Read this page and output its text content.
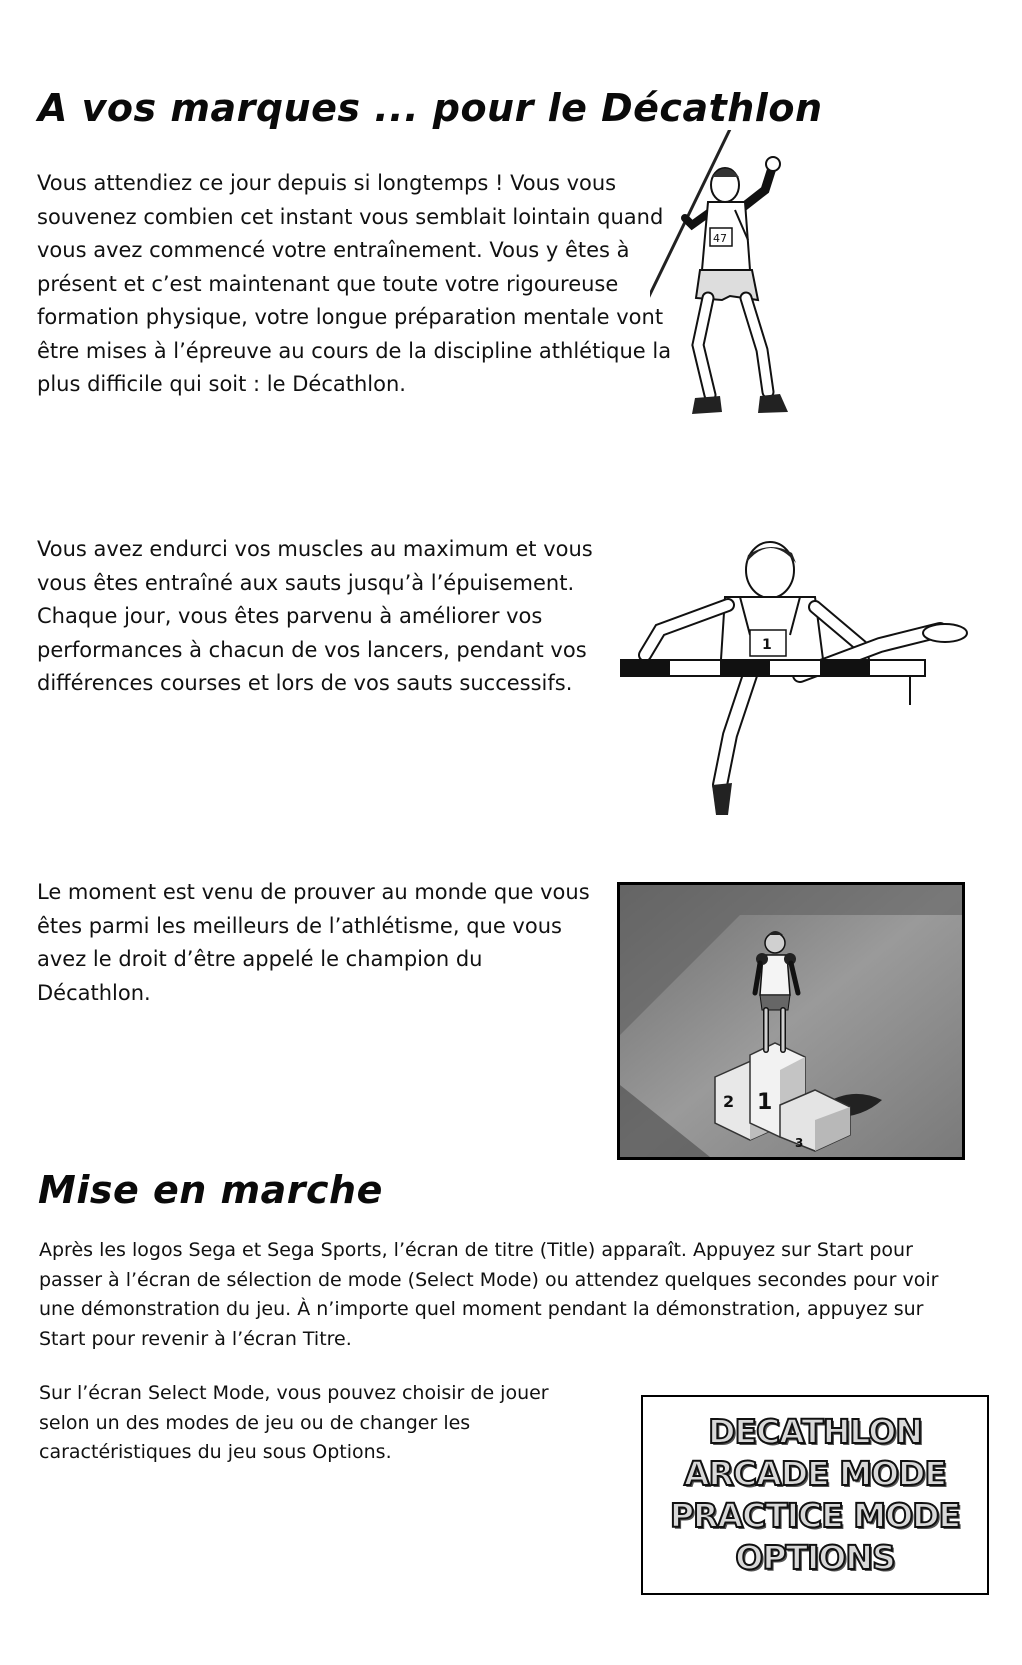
A vos marques ... pour le Décathlon

Vous attendiez ce jour depuis si longtemps ! Vous vous souvenez combien cet instant vous semblait lointain quand vous avez commencé votre entraînement. Vous y êtes à présent et c’est maintenant que toute votre rigoureuse formation physique, votre longue préparation mentale vont être mises à l’épreuve au cours de la discipline athlétique la plus difficile qui soit : le Décathlon.

47

Vous avez endurci vos muscles au maximum et vous vous êtes entraîné aux sauts jusqu’à l’épuisement. Chaque jour, vous êtes parvenu à améliorer vos performances à chacun de vos lancers, pendant vos différences courses et lors de vos sauts successifs.

1

Le moment est venu de prouver au monde que vous êtes parmi les meilleurs de l’athlétisme, que vous avez le droit d’être appelé le champion du Décathlon.

2 1
3
Mise en marche

Après les logos Sega et Sega Sports, l’écran de titre (Title) apparaît. Appuyez sur Start pour passer à l’écran de sélection de mode (Select Mode) ou attendez quelques secondes pour voir une démonstration du jeu. À n’importe quel moment pendant la démonstration, appuyez sur Start pour revenir à l’écran Titre.

Sur l’écran Select Mode, vous pouvez choisir de jouer selon un des modes de jeu ou de changer les caractéristiques du jeu sous Options.

DECATHLON
ARCADE MODE
PRACTICE MODE
OPTIONS
